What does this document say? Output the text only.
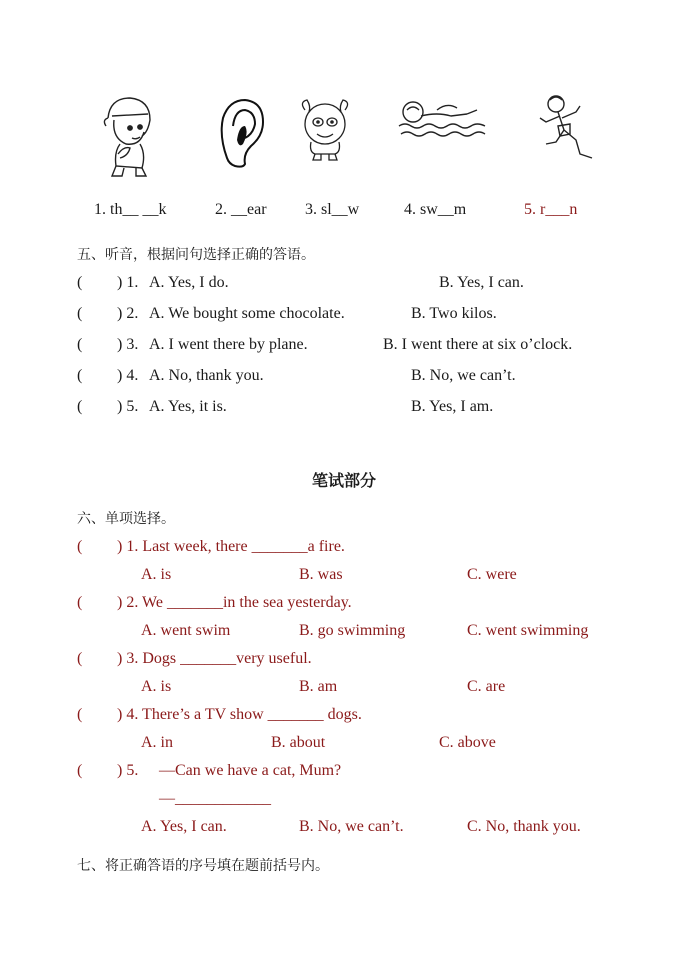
1. th__ __k	2. __ear 3. sl__w	4. sw__m	5. r___n
五、听音，根据问句选择正确的答语。
( ) 1. A. Yes, I do.	B. Yes, I can.
( ) 2. A. We bought some chocolate.	B. Two kilos.
( ) 3. A. I went there by plane.	B. I went there at six o’clock.
( ) 4. A. No, thank you.	B. No, we can’t.
( ) 5. A. Yes, it is.	B. Yes, I am.
笔试部分
六、单项选择。
( ) 1. Last week, there _______a fire.
A. is	B. was	C. were
( ) 2. We _______in the sea yesterday.
A. went swim	B. go swimming	C. went swimming
( ) 3. Dogs _______very useful.
A. is	B. am	C. are
( ) 4. There’s a TV show _______ dogs.
A. in	B. about	C. above
( ) 5. —Can we have a cat, Mum?
—____________
A. Yes, I can.	B. No, we can’t.	C. No, thank you.
七、将正确答语的序号填在题前括号内。
